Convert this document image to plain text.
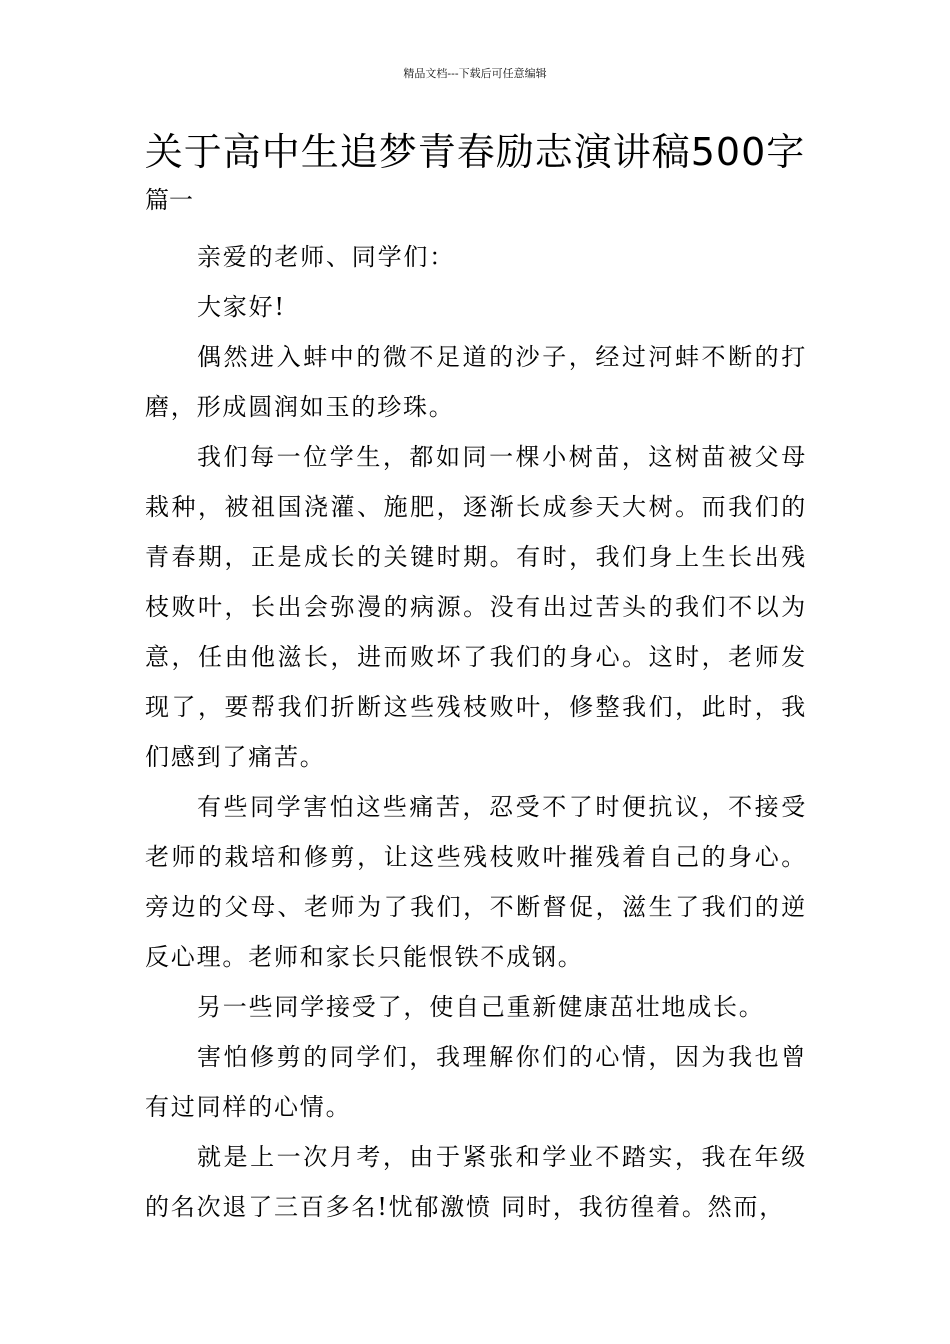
精品文档---下载后可任意编辑
关于高中生追梦青春励志演讲稿500字
篇一

亲爱的老师、同学们：

大家好!

偶然进入蚌中的微不足道的沙子，经过河蚌不断的打磨，形成圆润如玉的珍珠。

我们每一位学生，都如同一棵小树苗，这树苗被父母栽种，被祖国浇灌、施肥，逐渐长成参天大树。而我们的青春期，正是成长的关键时期。有时，我们身上生长出残枝败叶，长出会弥漫的病源。没有出过苦头的我们不以为意，任由他滋长，进而败坏了我们的身心。这时，老师发现了，要帮我们折断这些残枝败叶，修整我们，此时，我们感到了痛苦。

有些同学害怕这些痛苦，忍受不了时便抗议，不接受老师的栽培和修剪，让这些残枝败叶摧残着自己的身心。旁边的父母、老师为了我们，不断督促，滋生了我们的逆反心理。老师和家长只能恨铁不成钢。

另一些同学接受了，使自己重新健康茁壮地成长。

害怕修剪的同学们，我理解你们的心情，因为我也曾有过同样的心情。

就是上一次月考，由于紧张和学业不踏实，我在年级的名次退了三百多名!忧郁激愤 同时，我彷徨着。然而，
